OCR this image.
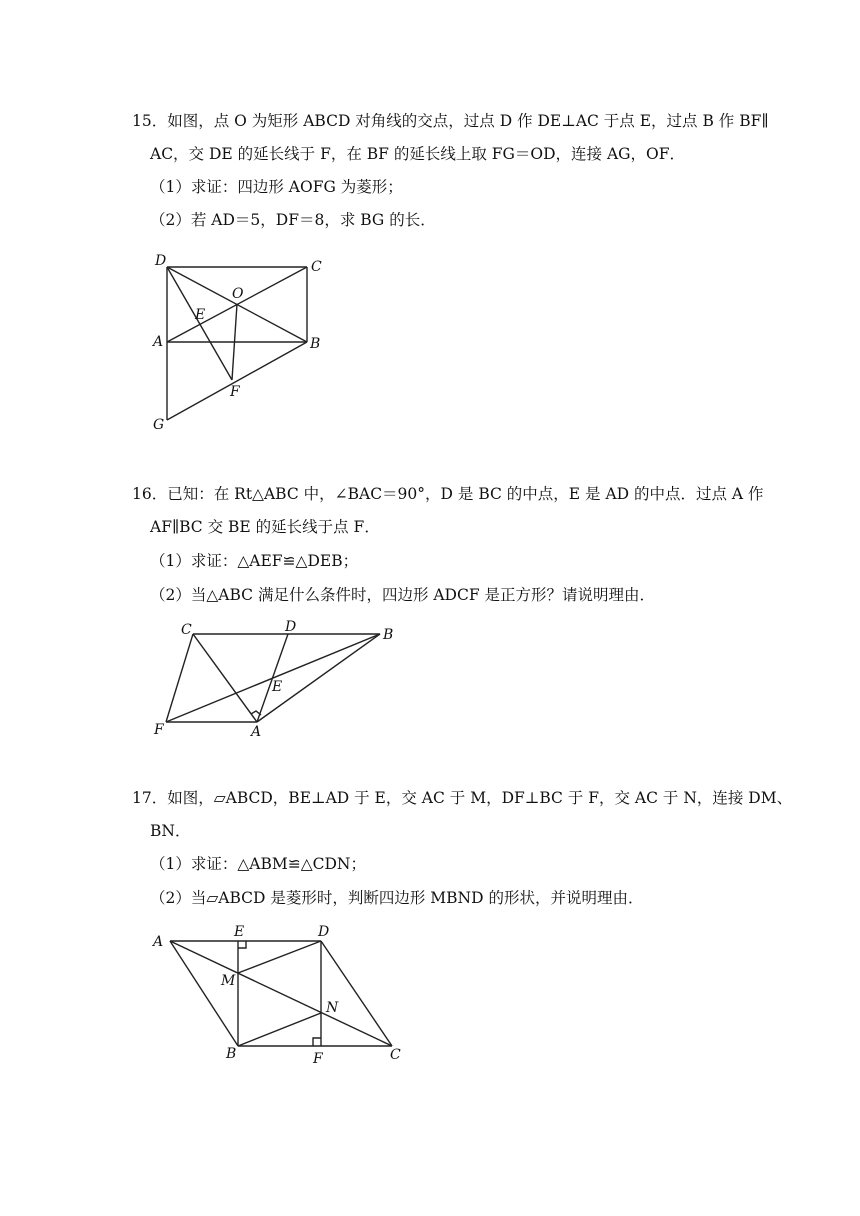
15．如图，点 O 为矩形 ABCD 对角线的交点，过点 D 作 DE⊥AC 于点 E，过点 B 作 BF∥
AC，交 DE 的延长线于 F，在 BF 的延长线上取 FG＝OD，连接 AG，OF．
（1）求证：四边形 AOFG 为菱形；
（2）若 AD＝5，DF＝8，求 BG 的长．
D	C
O
E
A	B
F
G
16．已知：在 Rt△ABC 中，∠BAC＝90°，D 是 BC 的中点，E 是 AD 的中点．过点 A 作
AF∥BC 交 BE 的延长线于点 F．
（1）求证：△AEF≌△DEB；
（2）当△ABC 满足什么条件时，四边形 ADCF 是正方形？请说明理由．
C	D	B
E
F	A
17．如图，▱ABCD，BE⊥AD 于 E，交 AC 于 M，DF⊥BC 于 F，交 AC 于 N，连接 DM、
BN．
（1）求证：△ABM≌△CDN；
（2）当▱ABCD 是菱形时，判断四边形 MBND 的形状，并说明理由．
A
E	D
M
N
B	F	C
